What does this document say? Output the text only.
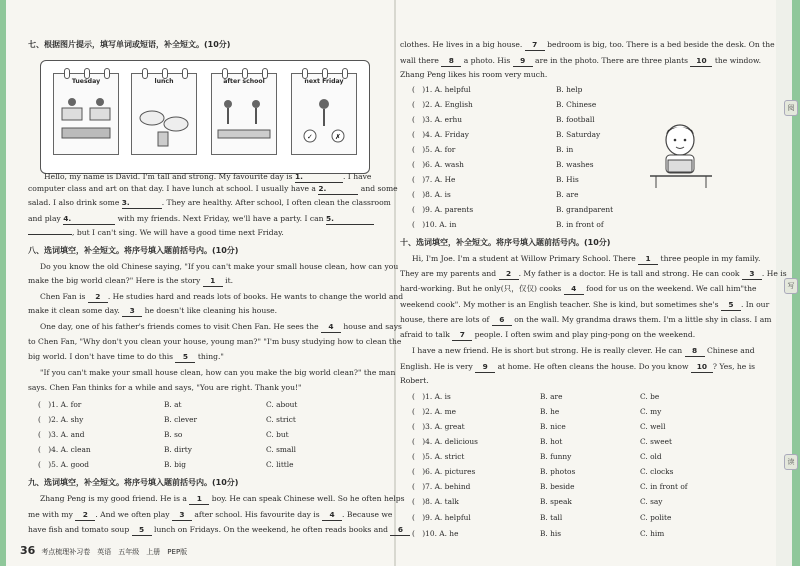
七、根据图片提示，填写单词或短语，补全短文。(10分)
Tuesday	lunch	after school	next Friday
✓	✗
Hello, my name is David. I'm tall and strong. My favourite day is 1.	. I have
computer class and art on that day. I have lunch at school. I usually have a 2.	and some
salad. I also drink some 3.	. They are healthy. After school, I often clean the classroom
and play 4.	with my friends. Next Friday, we'll have a party. I can 5.
, but I can't sing. We will have a good time next Friday.
八、选词填空，补全短文。将序号填入题前括号内。(10分)
Do you know the old Chinese saying, "If you can't make your small house clean, how can you
make the big world clean?" Here is the story 1 it.
Chen Fan is 2 . He studies hard and reads lots of books. He wants to change the world and
make it clean some day. 3 he doesn't like cleaning his house.
One day, one of his father's friends comes to visit Chen Fan. He sees the 4 house and says
to Chen Fan, "Why don't you clean your house, young man?" "I'm busy studying how to clean the
big world. I don't have time to do this 5 thing."
"If you can't make your small house clean, how can you make the big world clean?" the man
says. Chen Fan thinks for a while and says, "You are right. Thank you!"
(　)1. A. for	B. at	C. about
(　)2. A. shy	B. clever	C. strict
(　)3. A. and	B. so	C. but
(　)4. A. clean	B. dirty	C. small
(　)5. A. good	B. big	C. little
九、选词填空，补全短文。将序号填入题前括号内。(10分)
Zhang Peng is my good friend. He is a 1 boy. He can speak Chinese well. So he often helps
me with my 2 . And we often play 3 after school. His favourite day is 4 . Because we
have fish and tomato soup 5 lunch on Fridays. On the weekend, he often reads books and 6
36 考点梳理补习卷　英语　五年级　上册　PEP版
clothes. He lives in a big house. 7 bedroom is big, too. There is a bed beside the desk. On the
wall there 8 a photo. His 9 are in the photo. There are three plants 10 the window.
Zhang Peng likes his room very much.
(　)1. A. helpful	B. help
(　)2. A. English	B. Chinese
(　)3. A. erhu	B. football
(　)4. A. Friday	B. Saturday
(　)5. A. for	B. in
(　)6. A. wash	B. washes
(　)7. A. He	B. His
(　)8. A. is	B. are
(　)9. A. parents	B. grandparent
(　)10. A. in	B. in front of
十、选词填空，补全短文。将序号填入题前括号内。(10分)
Hi, I'm Joe. I'm a student at Willow Primary School. There 1 three people in my family.
They are my parents and 2 . My father is a doctor. He is tall and strong. He can cook 3 . He is
hard-working. But he only(只，仅仅) cooks 4 food for us on the weekend. We call him"the
weekend cook". My mother is an English teacher. She is kind, but sometimes she's 5 . In our
house, there are lots of 6 on the wall. My grandma draws them. I'm a little shy in class. I am
afraid to talk 7 people. I often swim and play ping-pong on the weekend.
I have a new friend. He is short but strong. He is really clever. He can 8 Chinese and
English. He is very 9 at home. He often cleans the house. Do you know 10 ? Yes, he is
Robert.
(　)1. A. is	B. are	C. be
(　)2. A. me	B. he	C. my
(　)3. A. great	B. nice	C. well
(　)4. A. delicious	B. hot	C. sweet
(　)5. A. strict	B. funny	C. old
(　)6. A. pictures	B. photos	C. clocks
(　)7. A. behind	B. beside	C. in front of
(　)8. A. talk	B. speak	C. say
(　)9. A. helpful	B. tall	C. polite
(　)10. A. he	B. his	C. him
阅
写
读
